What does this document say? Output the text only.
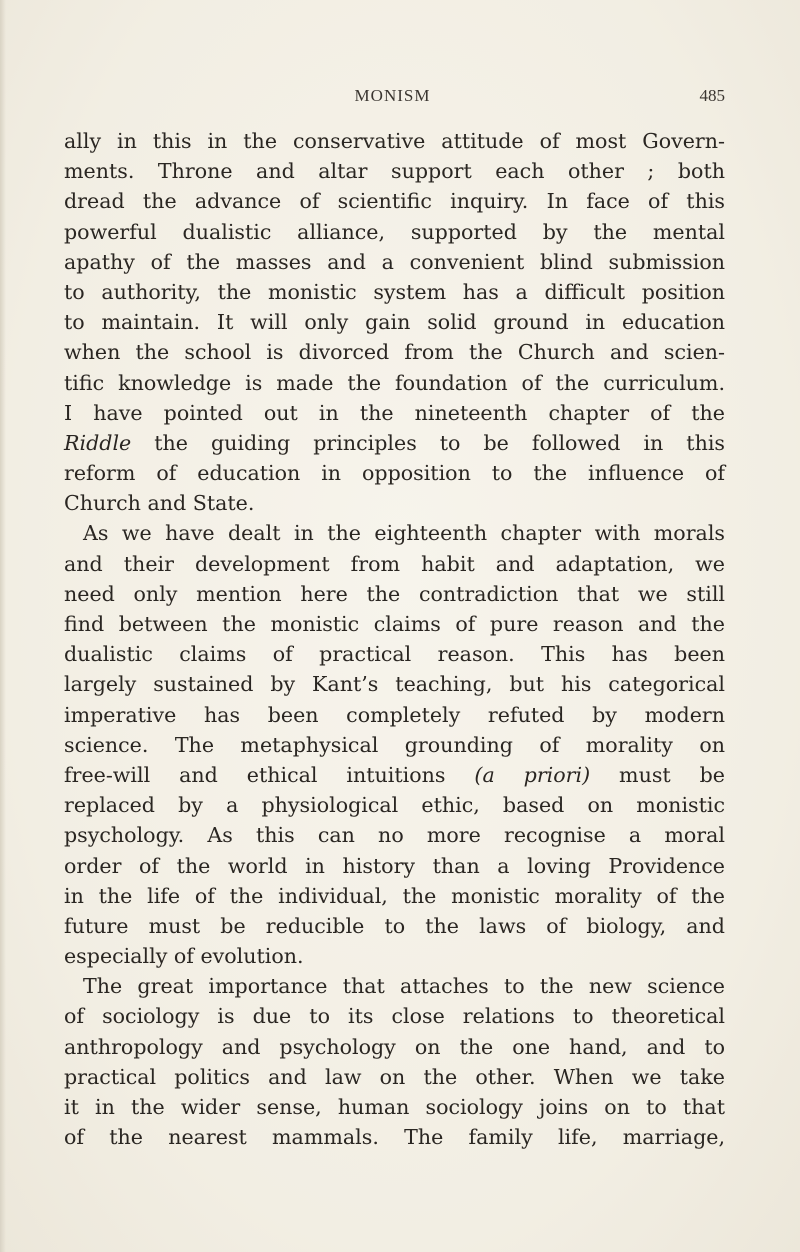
MONISM	485
ally in this in the conservative attitude of most Govern-
ments. Throne and altar support each other ; both
dread the advance of scientific inquiry. In face of this
powerful dualistic alliance, supported by the mental
apathy of the masses and a convenient blind submission
to authority, the monistic system has a difficult position
to maintain. It will only gain solid ground in education
when the school is divorced from the Church and scien-
tific knowledge is made the foundation of the curriculum.
I have pointed out in the nineteenth chapter of the
Riddle the guiding principles to be followed in this
reform of education in opposition to the influence of
Church and State.
As we have dealt in the eighteenth chapter with morals
and their development from habit and adaptation, we
need only mention here the contradiction that we still
find between the monistic claims of pure reason and the
dualistic claims of practical reason. This has been
largely sustained by Kant’s teaching, but his categorical
imperative has been completely refuted by modern
science. The metaphysical grounding of morality on
free-will and ethical intuitions (a priori) must be
replaced by a physiological ethic, based on monistic
psychology. As this can no more recognise a moral
order of the world in history than a loving Providence
in the life of the individual, the monistic morality of the
future must be reducible to the laws of biology, and
especially of evolution.
The great importance that attaches to the new science
of sociology is due to its close relations to theoretical
anthropology and psychology on the one hand, and to
practical politics and law on the other. When we take
it in the wider sense, human sociology joins on to that
of the nearest mammals. The family life, marriage,
